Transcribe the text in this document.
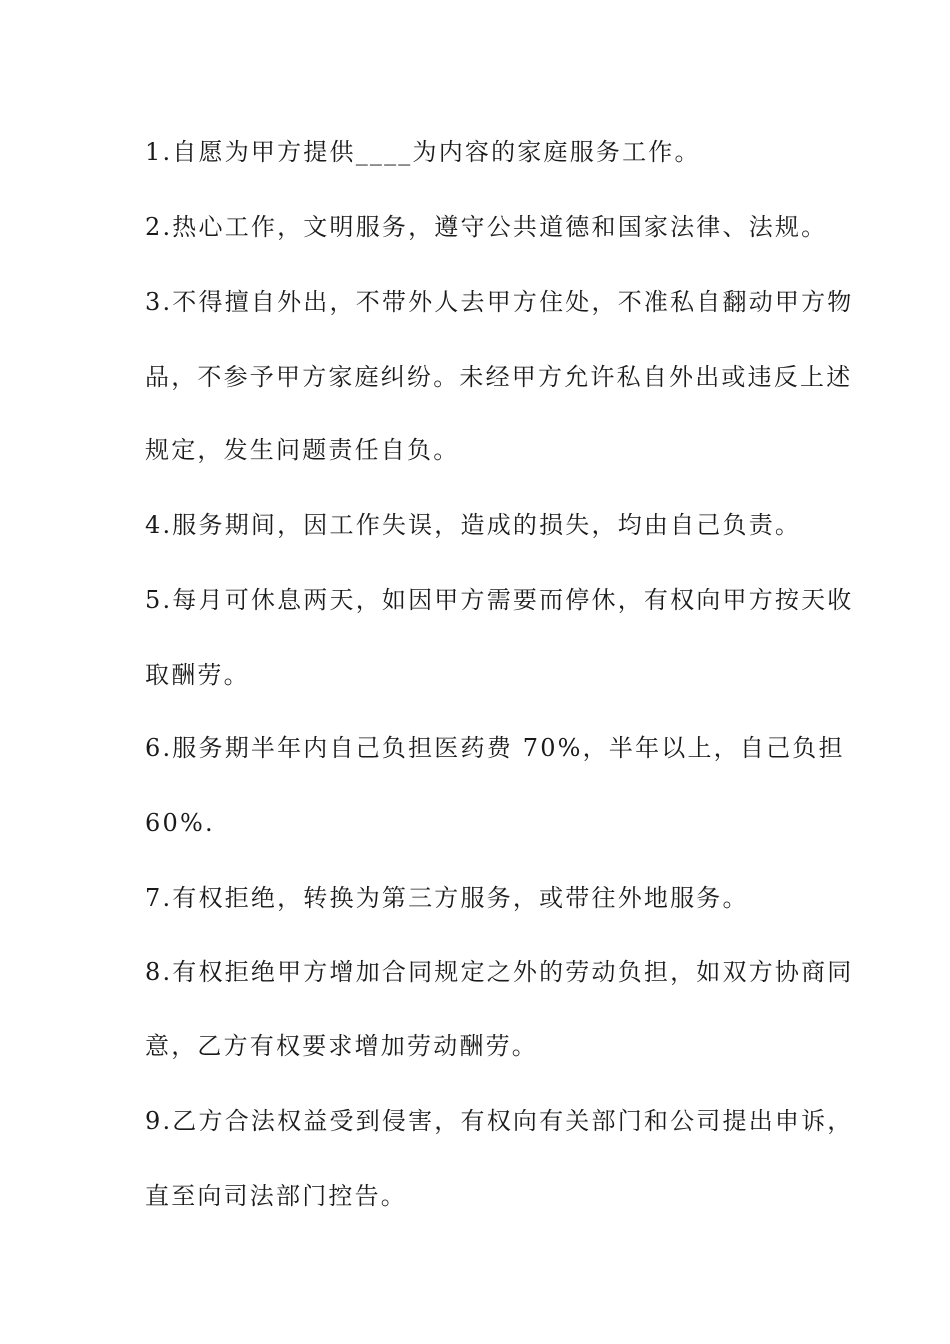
1.自愿为甲方提供____为内容的家庭服务工作。
2.热心工作，文明服务，遵守公共道德和国家法律、法规。
3.不得擅自外出，不带外人去甲方住处，不准私自翻动甲方物
品，不参予甲方家庭纠纷。未经甲方允许私自外出或违反上述
规定，发生问题责任自负。
4.服务期间，因工作失误，造成的损失，均由自己负责。
5.每月可休息两天，如因甲方需要而停休，有权向甲方按天收
取酬劳。
6.服务期半年内自己负担医药费 70%，半年以上，自己负担
60%.
7.有权拒绝，转换为第三方服务，或带往外地服务。
8.有权拒绝甲方增加合同规定之外的劳动负担，如双方协商同
意，乙方有权要求增加劳动酬劳。
9.乙方合法权益受到侵害，有权向有关部门和公司提出申诉，
直至向司法部门控告。
